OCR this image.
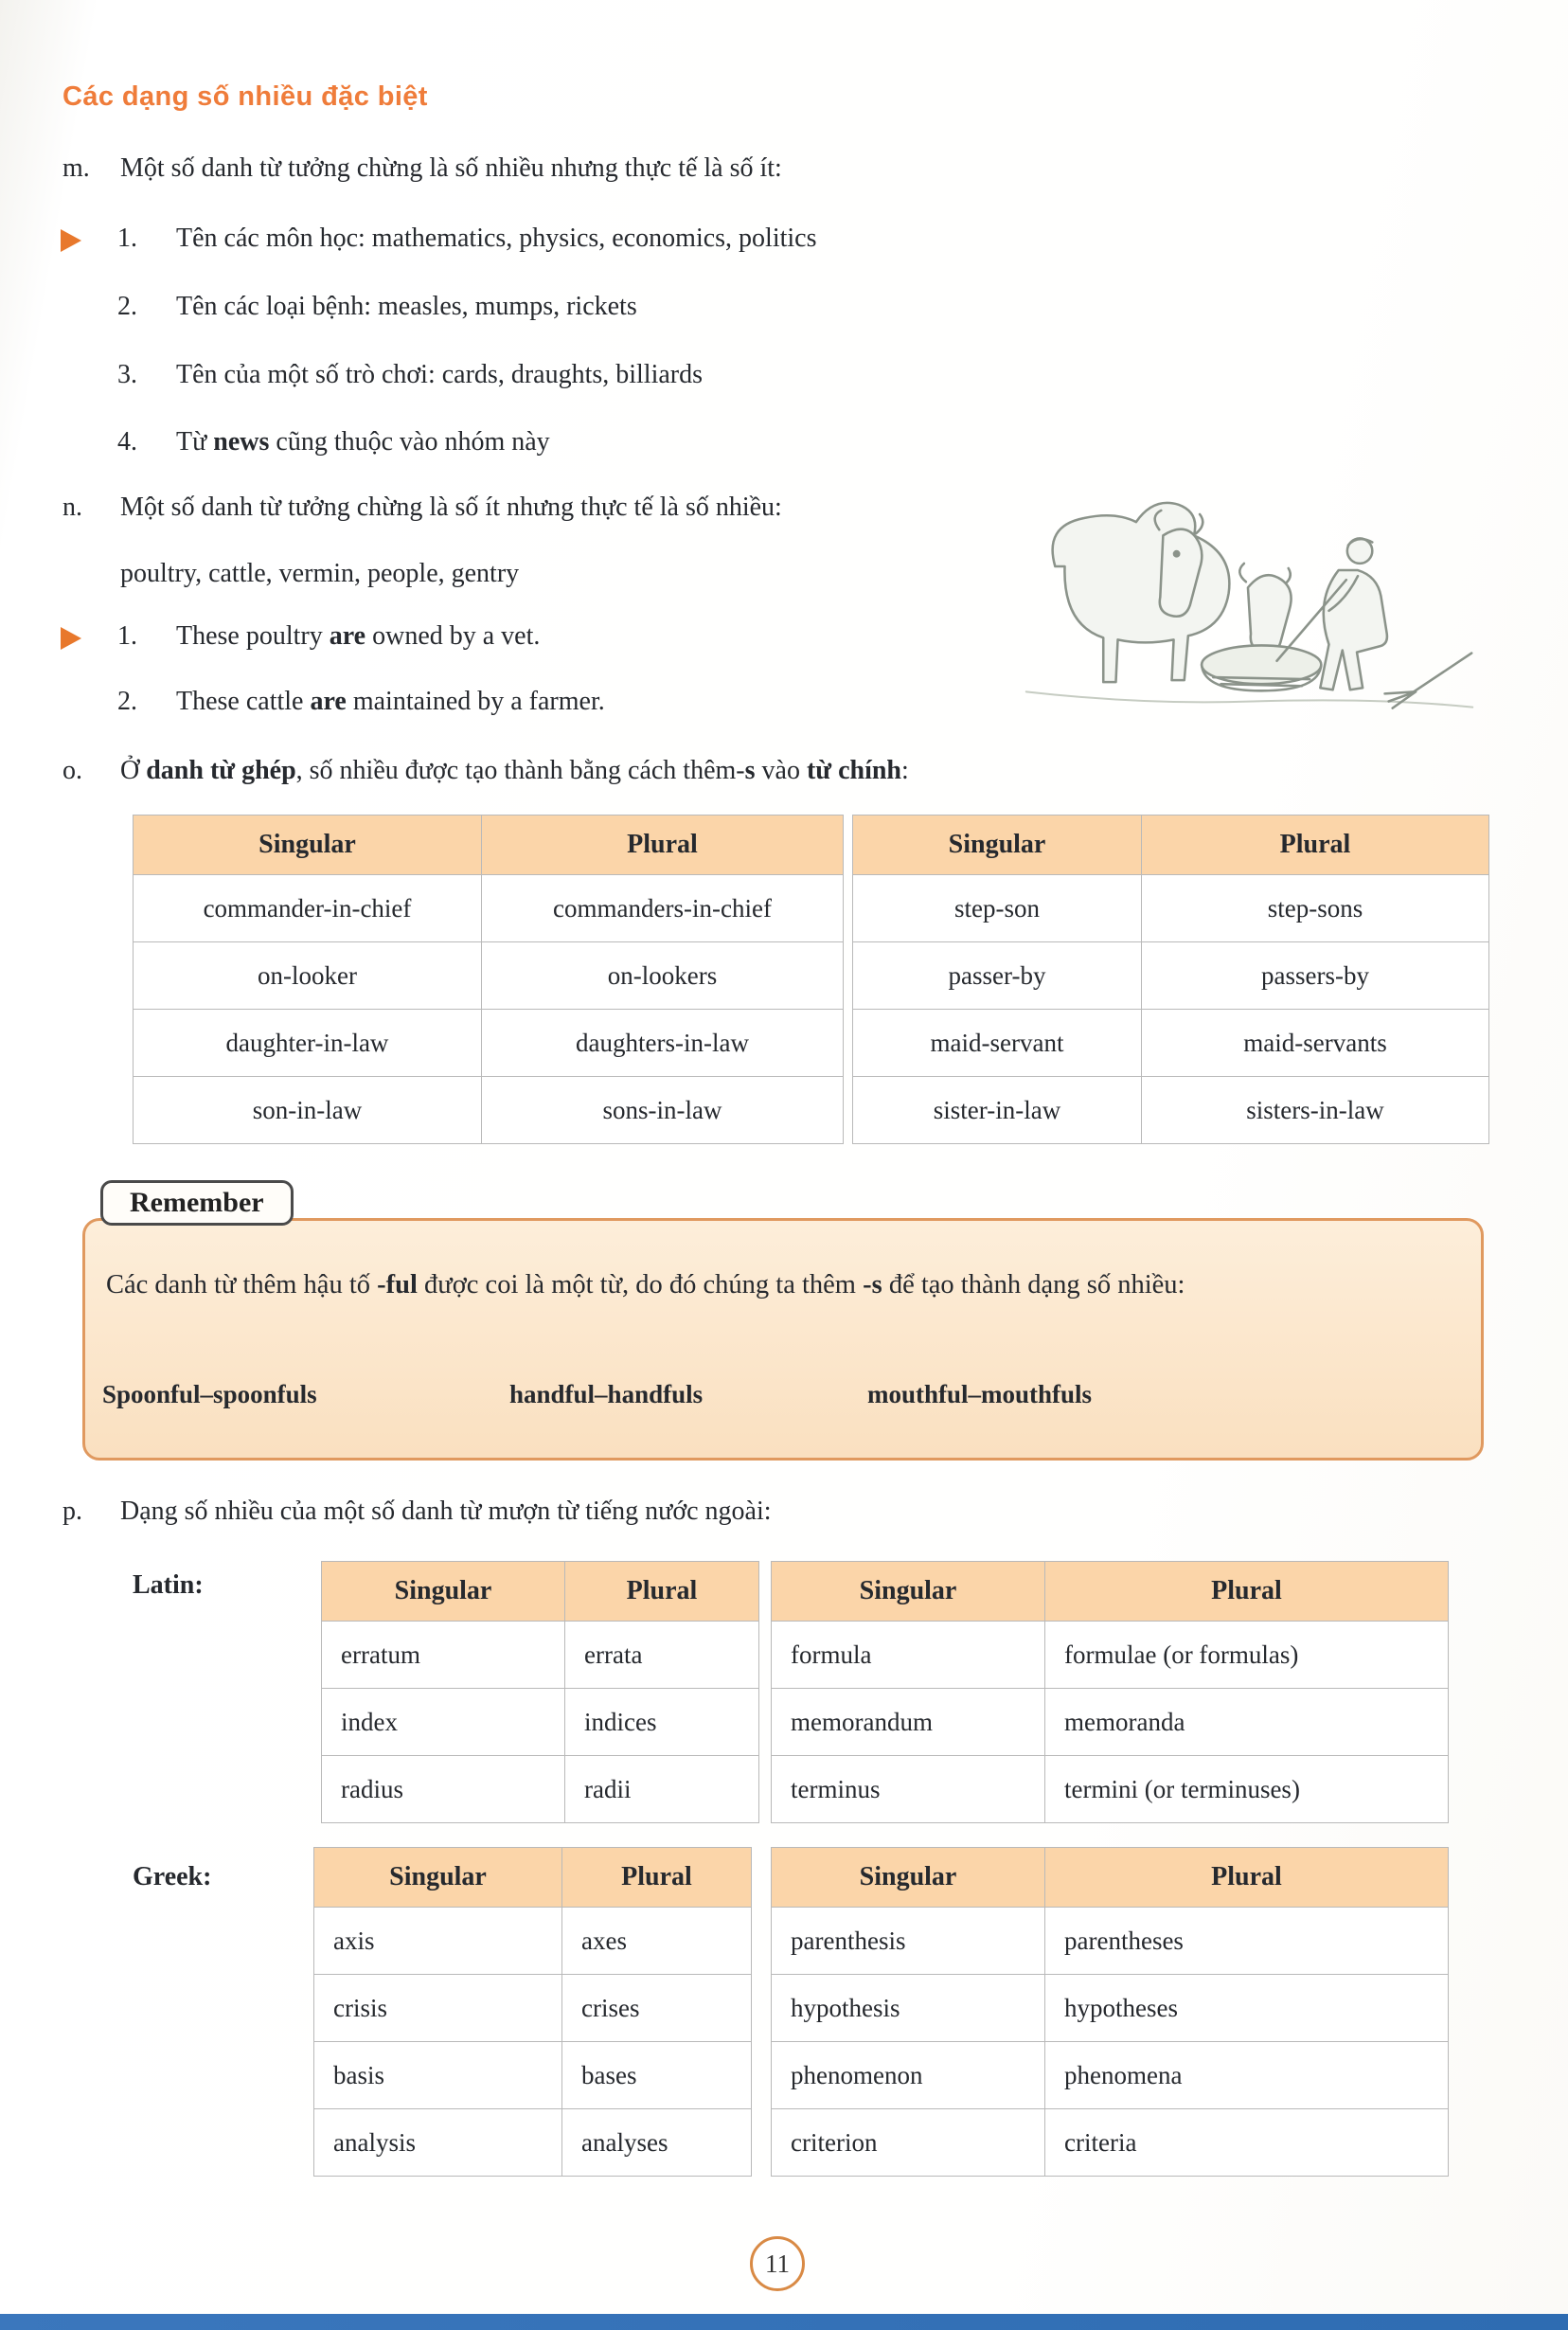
Các dạng số nhiều đặc biệt
m. Một số danh từ tưởng chừng là số nhiều nhưng thực tế là số ít:
1. Tên các môn học: mathematics, physics, economics, politics
2. Tên các loại bệnh: measles, mumps, rickets
3. Tên của một số trò chơi: cards, draughts, billiards
4. Từ news cũng thuộc vào nhóm này
n. Một số danh từ tưởng chừng là số ít nhưng thực tế là số nhiều:
poultry, cattle, vermin, people, gentry
1. These poultry are owned by a vet.
2. These cattle are maintained by a farmer.
o. Ở danh từ ghép, số nhiều được tạo thành bằng cách thêm-s vào từ chính:
Singular	Plural
commander-in-chief	commanders-in-chief
on-looker	on-lookers
daughter-in-law	daughters-in-law
son-in-law	sons-in-law
Singular	Plural
step-son	step-sons
passer-by	passers-by
maid-servant	maid-servants
sister-in-law	sisters-in-law
Remember
Các danh từ thêm hậu tố -ful được coi là một từ, do đó chúng ta thêm -s để tạo thành dạng số nhiều:
Spoonful–spoonfuls	handful–handfuls	mouthful–mouthfuls
p. Dạng số nhiều của một số danh từ mượn từ tiếng nước ngoài:
Latin:	Singular	Plural
erratum	errata
index	indices
radius	radii
Singular	Plural
formula	formulae (or formulas)
memorandum	memoranda
terminus	termini (or terminuses)
Greek:	Singular	Plural
axis	axes
crisis	crises
basis	bases
analysis	analyses
Singular	Plural
parenthesis	parentheses
hypothesis	hypotheses
phenomenon	phenomena
criterion	criteria
11
